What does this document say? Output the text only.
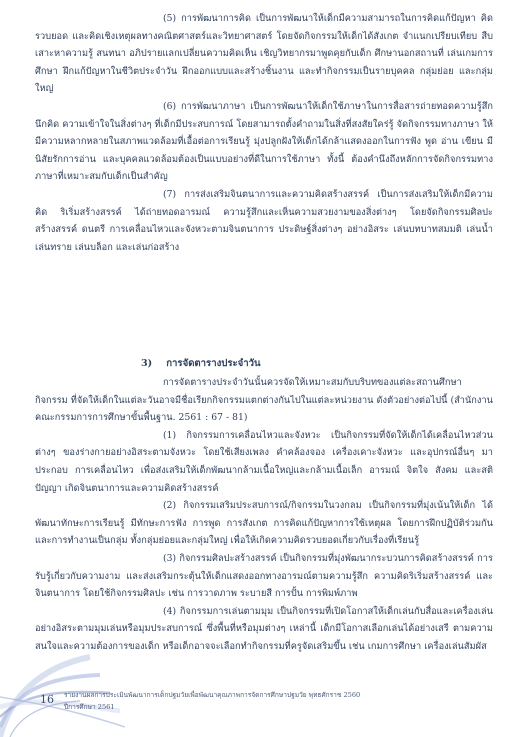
(5) การพัฒนาการคิด เป็นการพัฒนาให้เด็กมีความสามารถในการคิดแก้ปัญหา คิดรวบยอด และคิดเชิงเหตุผลทางคณิตศาสตร์และวิทยาศาสตร์ โดยจัดกิจกรรมให้เด็กได้สังเกต จำแนกเปรียบเทียบ สืบเสาะหาความรู้ สนทนา อภิปรายแลกเปลี่ยนความคิดเห็น เชิญวิทยากรมาพูดคุยกับเด็ก ศึกษานอกสถานที่ เล่นเกมการศึกษา ฝึกแก้ปัญหาในชีวิตประจำวัน ฝึกออกแบบและสร้างชิ้นงาน และทำกิจกรรมเป็นรายบุคคล กลุ่มย่อย และกลุ่มใหญ่

(6) การพัฒนาภาษา เป็นการพัฒนาให้เด็กใช้ภาษาในการสื่อสารถ่ายทอดความรู้สึก นึกคิด ความเข้าใจในสิ่งต่างๆ ที่เด็กมีประสบการณ์ โดยสามารถตั้งคำถามในสิ่งที่สงสัยใคร่รู้ จัดกิจกรรมทางภาษา ให้มีความหลากหลายในสภาพแวดล้อมที่เอื้อต่อการเรียนรู้ มุ่งปลูกฝังให้เด็กได้กล้าแสดงออกในการฟัง พูด อ่าน เขียน มีนิสัยรักการอ่าน และบุคคลแวดล้อมต้องเป็นแบบอย่างที่ดีในการใช้ภาษา ทั้งนี้ ต้องคำนึงถึงหลักการจัดกิจกรรมทางภาษาที่เหมาะสมกับเด็กเป็นสำคัญ

(7) การส่งเสริมจินตนาการและความคิดสร้างสรรค์ เป็นการส่งเสริมให้เด็กมีความคิด ริเริ่มสร้างสรรค์ ได้ถ่ายทอดอารมณ์ ความรู้สึกและเห็นความสวยงามของสิ่งต่างๆ โดยจัดกิจกรรมศิลปะสร้างสรรค์ ดนตรี การเคลื่อนไหวและจังหวะตามจินตนาการ ประดิษฐ์สิ่งต่างๆ อย่างอิสระ เล่นบทบาทสมมติ เล่นน้ำเล่นทราย เล่นบล็อก และเล่นก่อสร้าง

3) การจัดตารางประจำวัน

การจัดตารางประจำวันนั้นควรจัดให้เหมาะสมกับบริบทของแต่ละสถานศึกษา กิจกรรม ที่จัดให้เด็กในแต่ละวันอาจมีชื่อเรียกกิจกรรมแตกต่างกันไปในแต่ละหน่วยงาน ดังตัวอย่างต่อไปนี้ (สำนักงาน คณะกรรมการการศึกษาขั้นพื้นฐาน. 2561 : 67 - 81)

(1) กิจกรรมการเคลื่อนไหวและจังหวะ เป็นกิจกรรมที่จัดให้เด็กได้เคลื่อนไหวส่วนต่างๆ ของร่างกายอย่างอิสระตามจังหวะ โดยใช้เสียงเพลง คำคล้องจอง เครื่องเคาะจังหวะ และอุปกรณ์อื่นๆ มาประกอบ การเคลื่อนไหว เพื่อส่งเสริมให้เด็กพัฒนากล้ามเนื้อใหญ่และกล้ามเนื้อเล็ก อารมณ์ จิตใจ สังคม และสติปัญญา เกิดจินตนาการและความคิดสร้างสรรค์

(2) กิจกรรมเสริมประสบการณ์/กิจกรรมในวงกลม เป็นกิจกรรมที่มุ่งเน้นให้เด็ก ได้พัฒนาทักษะการเรียนรู้ มีทักษะการฟัง การพูด การสังเกต การคิดแก้ปัญหาการใช้เหตุผล โดยการฝึกปฏิบัติร่วมกัน และการทำงานเป็นกลุ่ม ทั้งกลุ่มย่อยและกลุ่มใหญ่ เพื่อให้เกิดความคิดรวบยอดเกี่ยวกับเรื่องที่เรียนรู้

(3) กิจกรรมศิลปะสร้างสรรค์ เป็นกิจกรรมที่มุ่งพัฒนากระบวนการคิดสร้างสรรค์ การรับรู้เกี่ยวกับความงาม และส่งเสริมกระตุ้นให้เด็กแสดงออกทางอารมณ์ตามความรู้สึก ความคิดริเริ่มสร้างสรรค์ และจินตนาการ โดยใช้กิจกรรมศิลปะ เช่น การวาดภาพ ระบายสี การปั้น การพิมพ์ภาพ

(4) กิจกรรมการเล่นตามมุม เป็นกิจกรรมที่เปิดโอกาสให้เด็กเล่นกับสื่อและเครื่องเล่น อย่างอิสระตามมุมเล่นหรือมุมประสบการณ์ ซึ่งพื้นที่หรือมุมต่างๆ เหล่านี้ เด็กมีโอกาสเลือกเล่นได้อย่างเสรี ตามความสนใจและความต้องการของเด็ก หรือเด็กอาจจะเลือกทำกิจกรรมที่ครูจัดเสริมขึ้น เช่น เกมการศึกษา เครื่องเล่นสัมผัส

16 รายงานผลการประเมินพัฒนาการเด็กปฐมวัยเพื่อพัฒนาคุณภาพการจัดการศึกษาปฐมวัย พุทธศักราช 2560
ปีการศึกษา 2561
